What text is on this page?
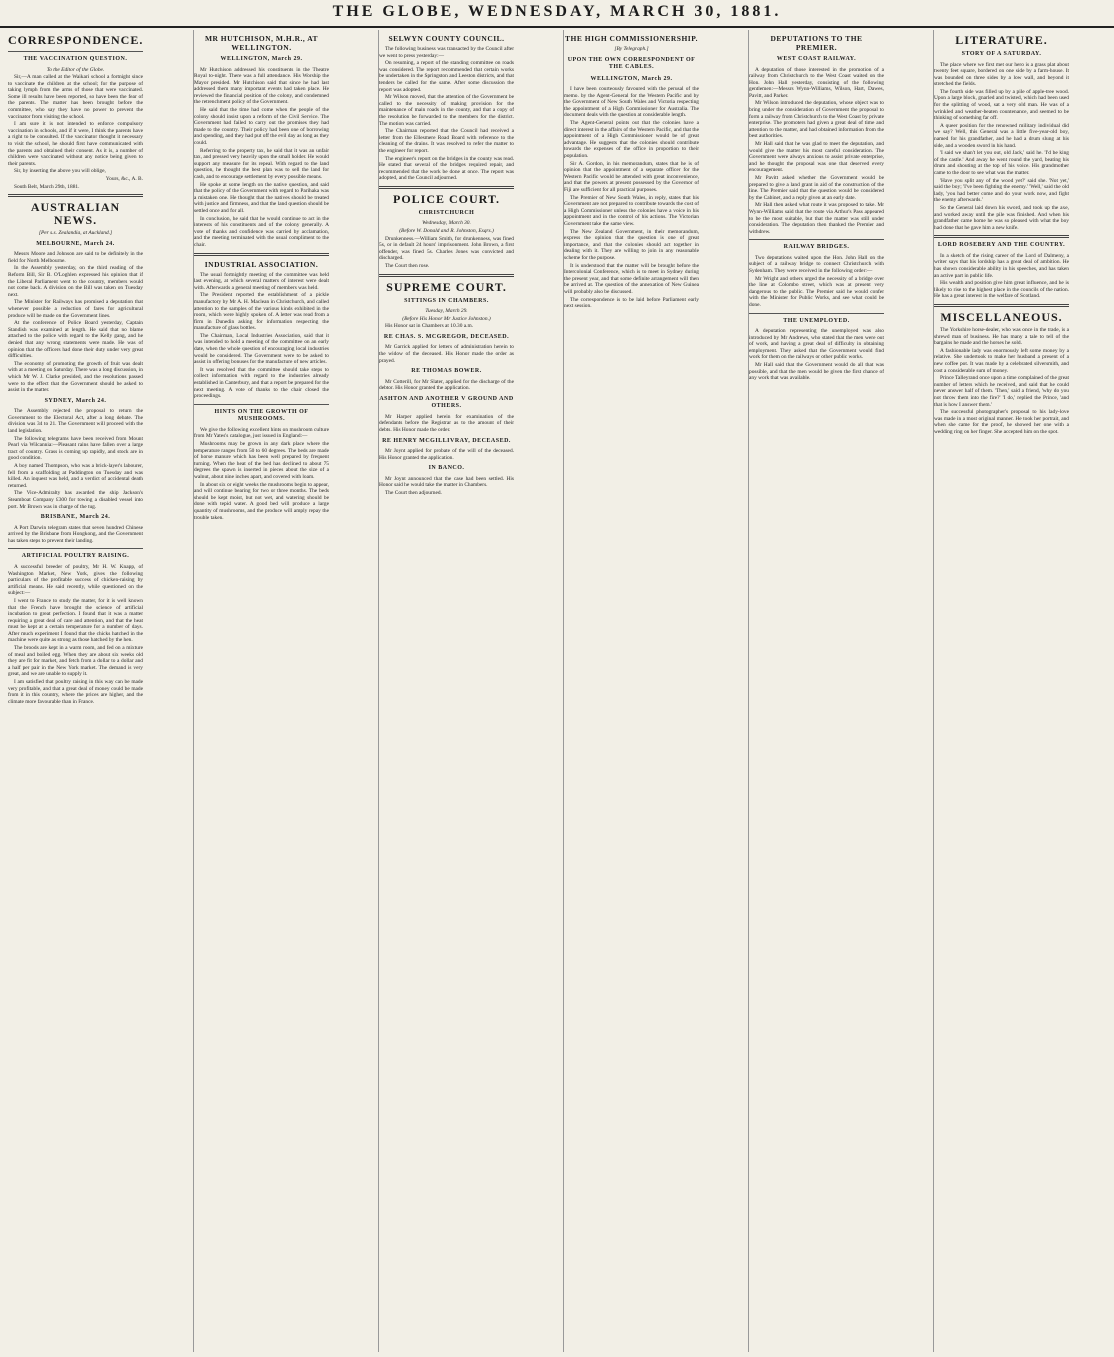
THE GLOBE, WEDNESDAY, MARCH 30, 1881.
CORRESPONDENCE.
THE VACCINATION QUESTION.

To the Editor of the Globe.

Sir,—A man called at the Waikari school a fortnight since to vaccinate the children at the school; for the purpose of taking lymph from the arms of those that were vaccinated. Some ill results have been reported, so have been the fear of the parents. The matter has been brought before the committee, who say they have no power to prevent the vaccinator from visiting the school.

I am sure it is not intended to enforce compulsory vaccination in schools, and if it were, I think the parents have a right to be consulted. If the vaccinator thought it necessary to visit the school, he should first have communicated with the parents and obtained their consent. As it is, a number of children were vaccinated without any notice being given to their parents.

Sir, by inserting the above you will oblige,

Yours, &c., A. B.

South Belt, March 29th, 1881.

AUSTRALIAN NEWS.

[Per s.s. Zealandia, at Auckland.]

MELBOURNE, March 24.

Messrs Moore and Johnson are said to be definitely in the field for North Melbourne.

In the Assembly yesterday, on the third reading of the Reform Bill, Sir B. O'Loghlen expressed his opinion that if the Liberal Parliament went to the country, members would not come back. A division on the Bill was taken on Tuesday next.

The Minister for Railways has promised a deputation that whenever possible a reduction of fares for agricultural produce will be made on the Government lines.

At the conference of Police Board yesterday, Captain Standish was examined at length. He said that no blame attached to the police with regard to the Kelly gang, and he denied that any wrong statements were made. He was of opinion that the officers had done their duty under very great difficulties.

The economy of promoting the growth of fruit was dealt with at a meeting on Saturday. There was a long discussion, in which Mr W. J. Clarke presided, and the resolutions passed were to the effect that the Government should be asked to assist in the matter.

SYDNEY, March 24.

The Assembly rejected the proposal to return the Government to the Electoral Act, after a long debate. The division was 34 to 21. The Government will proceed with the land legislation.

The following telegrams have been received from Mount Pearl via Wilcannia:—Pleasant rains have fallen over a large tract of country. Grass is coming up rapidly, and stock are in good condition.

A boy named Thompson, who was a brick-layer's labourer, fell from a scaffolding at Paddington on Tuesday and was killed. An inquest was held, and a verdict of accidental death returned.

The Vice-Admiralty has awarded the ship Jackson's Steamboat Company £300 for towing a disabled vessel into port. Mr Brown was in charge of the tug.

BRISBANE, March 24.

A Port Darwin telegram states that seven hundred Chinese arrived by the Brisbane from Hongkong, and the Government has taken steps to prevent their landing.

ARTIFICIAL POULTRY RAISING.

A successful breeder of poultry, Mr H. W. Knapp, of Washington Market, New York, gives the following particulars of the profitable success of chicken-raising by artificial means. He said recently, while questioned on the subject:—

I went to France to study the matter, for it is well known that the French have brought the science of artificial incubation to great perfection. I found that it was a matter requiring a great deal of care and attention, and that the heat must be kept at a certain temperature for a number of days. After much experiment I found that the chicks hatched in the machine were quite as strong as those hatched by the hen.

The broods are kept in a warm room, and fed on a mixture of meal and boiled egg. When they are about six weeks old they are fit for market, and fetch from a dollar to a dollar and a half per pair in the New York market. The demand is very great, and we are unable to supply it.

I am satisfied that poultry raising in this way can be made very profitable, and that a great deal of money could be made from it in this country, where the prices are higher, and the climate more favourable than in France.

MR HUTCHISON, M.H.R., AT WELLINGTON.
WELLINGTON, March 29.

Mr Hutchison addressed his constituents in the Theatre Royal to-night. There was a full attendance. His Worship the Mayor presided. Mr Hutchison said that since he had last addressed them many important events had taken place. He reviewed the financial position of the colony, and condemned the retrenchment policy of the Government.

He said that the time had come when the people of the colony should insist upon a reform of the Civil Service. The Government had failed to carry out the promises they had made to the country. Their policy had been one of borrowing and spending, and they had put off the evil day as long as they could.

Referring to the property tax, he said that it was an unfair tax, and pressed very heavily upon the small holder. He would support any measure for its repeal. With regard to the land question, he thought the best plan was to sell the land for cash, and to encourage settlement by every possible means.

He spoke at some length on the native question, and said that the policy of the Government with regard to Parihaka was a mistaken one. He thought that the natives should be treated with justice and firmness, and that the land question should be settled once and for all.

In conclusion, he said that he would continue to act in the interests of his constituents and of the colony generally. A vote of thanks and confidence was carried by acclamation, and the meeting terminated with the usual compliment to the chair.

INDUSTRIAL ASSOCIATION.

The usual fortnightly meeting of the committee was held last evening, at which several matters of interest were dealt with. Afterwards a general meeting of members was held.

The President reported the establishment of a pickle manufactory by Mr A. H. Maclean in Christchurch, and called attention to the samples of the various kinds exhibited in the room, which were highly spoken of. A letter was read from a firm in Dunedin asking for information respecting the manufacture of glass bottles.

The Chairman, Local Industries Association, said that it was intended to hold a meeting of the committee on an early date, when the whole question of encouraging local industries would be considered. The Government were to be asked to assist in offering bonuses for the manufacture of new articles.

It was resolved that the committee should take steps to collect information with regard to the industries already established in Canterbury, and that a report be prepared for the next meeting. A vote of thanks to the chair closed the proceedings.

HINTS ON THE GROWTH OF MUSHROOMS.

We give the following excellent hints on mushroom culture from Mr Yates's catalogue, just issued in England:—

Mushrooms may be grown in any dark place where the temperature ranges from 50 to 60 degrees. The beds are made of horse manure which has been well prepared by frequent turning. When the heat of the bed has declined to about 75 degrees the spawn is inserted in pieces about the size of a walnut, about nine inches apart, and covered with loam.

In about six or eight weeks the mushrooms begin to appear, and will continue bearing for two or three months. The beds should be kept moist, but not wet, and watering should be done with tepid water. A good bed will produce a large quantity of mushrooms, and the produce will amply repay the trouble taken.

SELWYN COUNTY COUNCIL.

The following business was transacted by the Council after we went to press yesterday:—

On resuming, a report of the standing committee on roads was considered. The report recommended that certain works be undertaken in the Springston and Leeston districts, and that tenders be called for the same. After some discussion the report was adopted.

Mr Wilson moved, that the attention of the Government be called to the necessity of making provision for the maintenance of main roads in the county, and that a copy of the resolution be forwarded to the members for the district. The motion was carried.

The Chairman reported that the Council had received a letter from the Ellesmere Road Board with reference to the cleaning of the drains. It was resolved to refer the matter to the engineer for report.

The engineer's report on the bridges in the county was read. He stated that several of the bridges required repair, and recommended that the work be done at once. The report was adopted, and the Council adjourned.

POLICE COURT.
CHRISTCHURCH

Wednesday, March 30.

(Before W. Donald and R. Johnston, Esqrs.)

Drunkenness.—William Smith, for drunkenness, was fined 5s, or in default 24 hours' imprisonment. John Brown, a first offender, was fined 5s. Charles Jones was convicted and discharged.

The Court then rose.

SUPREME COURT.
SITTINGS IN CHAMBERS.

Tuesday, March 29.

(Before His Honor Mr Justice Johnston.)

His Honor sat in Chambers at 10.30 a.m.

RE CHAS. S. MCGREGOR, DECEASED.

Mr Garrick applied for letters of administration herein to the widow of the deceased. His Honor made the order as prayed.

RE THOMAS BOWER.

Mr Cotterill, for Mr Slater, applied for the discharge of the debtor. His Honor granted the application.

ASHTON AND ANOTHER V GROUND AND OTHERS.

Mr Harper applied herein for examination of the defendants before the Registrar as to the amount of their debts. His Honor made the order.

RE HENRY MCGILLIVRAY, DECEASED.

Mr Joynt applied for probate of the will of the deceased. His Honor granted the application.

IN BANCO.

Mr Joynt announced that the case had been settled. His Honor said he would take the matter in Chambers.

The Court then adjourned.

THE HIGH COMMISSIONERSHIP.

[By Telegraph.]

UPON THE OWN CORRESPONDENT OF THE CABLES.
WELLINGTON, March 29.

I have been courteously favoured with the perusal of the memo. by the Agent-General for the Western Pacific and by the Government of New South Wales and Victoria respecting the appointment of a High Commissioner for Australia. The document deals with the question at considerable length.

The Agent-General points out that the colonies have a direct interest in the affairs of the Western Pacific, and that the appointment of a High Commissioner would be of great advantage. He suggests that the colonies should contribute towards the expenses of the office in proportion to their population.

Sir A. Gordon, in his memorandum, states that he is of opinion that the appointment of a separate officer for the Western Pacific would be attended with great inconvenience, and that the powers at present possessed by the Governor of Fiji are sufficient for all practical purposes.

The Premier of New South Wales, in reply, states that his Government are not prepared to contribute towards the cost of a High Commissioner unless the colonies have a voice in his appointment and in the control of his actions. The Victorian Government take the same view.

The New Zealand Government, in their memorandum, express the opinion that the question is one of great importance, and that the colonies should act together in dealing with it. They are willing to join in any reasonable scheme for the purpose.

It is understood that the matter will be brought before the Intercolonial Conference, which is to meet in Sydney during the present year, and that some definite arrangement will then be arrived at. The question of the annexation of New Guinea will probably also be discussed.

The correspondence is to be laid before Parliament early next session.

DEPUTATIONS TO THE PREMIER.
WEST COAST RAILWAY.

A deputation of those interested in the promotion of a railway from Christchurch to the West Coast waited on the Hon. John Hall yesterday, consisting of the following gentlemen:—Messrs Wynn-Williams, Wilson, Hart, Dawes, Pavitt, and Parker.

Mr Wilson introduced the deputation, whose object was to bring under the consideration of Government the proposal to form a railway from Christchurch to the West Coast by private enterprise. The promoters had given a great deal of time and attention to the matter, and had obtained information from the best authorities.

Mr Hall said that he was glad to meet the deputation, and would give the matter his most careful consideration. The Government were always anxious to assist private enterprise, and he thought the proposal was one that deserved every encouragement.

Mr Pavitt asked whether the Government would be prepared to give a land grant in aid of the construction of the line. The Premier said that the question would be considered by the Cabinet, and a reply given at an early date.

Mr Hall then asked what route it was proposed to take. Mr Wynn-Williams said that the route via Arthur's Pass appeared to be the most suitable, but that the matter was still under consideration. The deputation then thanked the Premier and withdrew.

RAILWAY BRIDGES.

Two deputations waited upon the Hon. John Hall on the subject of a railway bridge to connect Christchurch with Sydenham. They were received in the following order:—

Mr Wright and others urged the necessity of a bridge over the line at Colombo street, which was at present very dangerous to the public. The Premier said he would confer with the Minister for Public Works, and see what could be done.

THE UNEMPLOYED.

A deputation representing the unemployed was also introduced by Mr Andrews, who stated that the men were out of work, and having a great deal of difficulty in obtaining employment. They asked that the Government would find work for them on the railways or other public works.

Mr Hall said that the Government would do all that was possible, and that the men would be given the first chance of any work that was available.

LITERATURE.
STORY OF A SATURDAY.

The place where we first met our hero is a grass plat about twenty feet square, bordered on one side by a farm-house. It was bounded on three sides by a low wall, and beyond it stretched the fields.

The fourth side was filled up by a pile of apple-tree wood. Upon a large block, gnarled and twisted, which had been used for the splitting of wood, sat a very old man. He was of a wrinkled and weather-beaten countenance, and seemed to be thinking of something far off.

A queer position for the renowned military individual did we say? Well, this General was a little five-year-old boy, named for his grandfather, and he had a drum slung at his side, and a wooden sword in his hand.

'I said we shan't let you out, old Jack,' said he. 'I'd be king of the castle.' And away he went round the yard, beating his drum and shouting at the top of his voice. His grandmother came to the door to see what was the matter.

'Have you split any of the wood yet?' said she. 'Not yet,' said the boy; 'I've been fighting the enemy.' 'Well,' said the old lady, 'you had better come and do your work now, and fight the enemy afterwards.'

So the General laid down his sword, and took up the axe, and worked away until the pile was finished. And when his grandfather came home he was so pleased with what the boy had done that he gave him a new knife.

LORD ROSEBERY AND THE COUNTRY.

In a sketch of the rising career of the Lord of Dalmeny, a writer says that his lordship has a great deal of ambition. He has shown considerable ability in his speeches, and has taken an active part in public life.

His wealth and position give him great influence, and he is likely to rise to the highest place in the councils of the nation. He has a great interest in the welfare of Scotland.

MISCELLANEOUS.

The Yorkshire horse-dealer, who was once in the trade, is a shrewd man of business. He has many a tale to tell of the bargains he made and the horses he sold.

A fashionable lady was enormously left some money by a relative. She undertook to make her husband a present of a new coffee pot. It was made by a celebrated silversmith, and cost a considerable sum of money.

Prince Talleyrand once upon a time complained of the great number of letters which he received, and said that he could never answer half of them. 'Then,' said a friend, 'why do you not throw them into the fire?' 'I do,' replied the Prince, 'and that is how I answer them.'

The successful photographer's proposal to his lady-love was made in a most original manner. He took her portrait, and when she came for the proof, he showed her one with a wedding ring on her finger. She accepted him on the spot.
